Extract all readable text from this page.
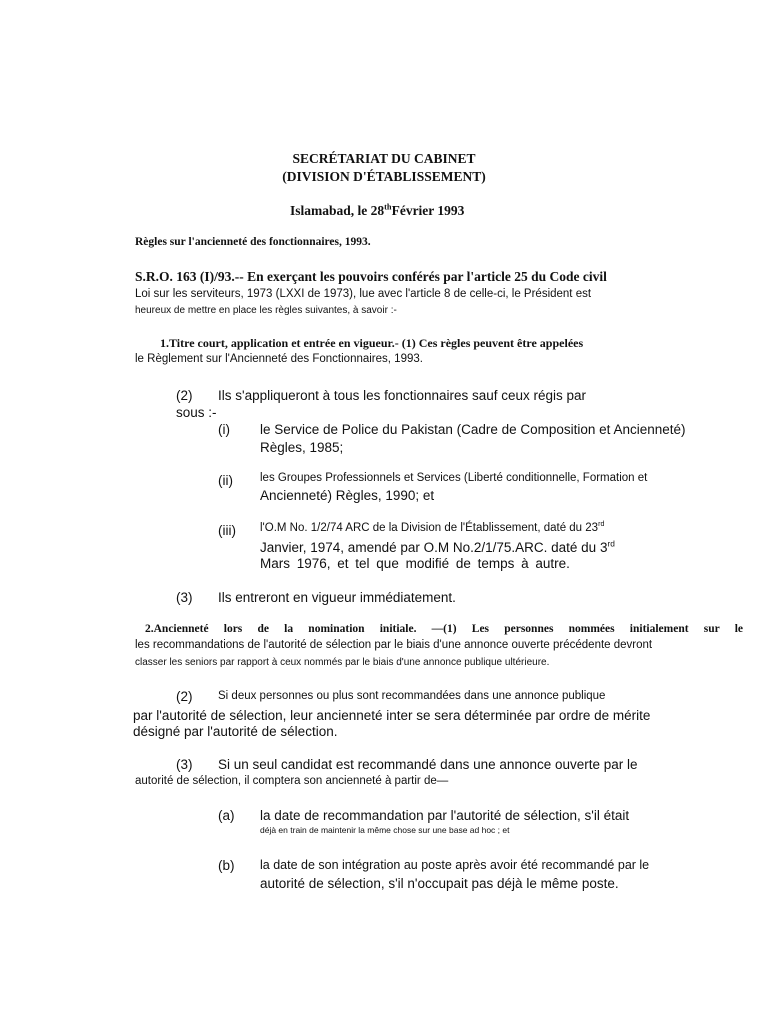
SECRÉTARIAT DU CABINET
(DIVISION D'ÉTABLISSEMENT)
Islamabad, le 28thFévrier 1993
Règles sur l'ancienneté des fonctionnaires, 1993.
S.R.O. 163 (I)/93.-- En exerçant les pouvoirs conférés par l'article 25 du Code civil
Loi sur les serviteurs, 1973 (LXXI de 1973), lue avec l'article 8 de celle-ci, le Président est
heureux de mettre en place les règles suivantes, à savoir :-
1.Titre court, application et entrée en vigueur.- (1) Ces règles peuvent être appelées
le Règlement sur l'Ancienneté des Fonctionnaires, 1993.
(2) Ils s'appliqueront à tous les fonctionnaires sauf ceux régis par
sous :-
(i) le Service de Police du Pakistan (Cadre de Composition et Ancienneté)
Règles, 1985;
(ii) les Groupes Professionnels et Services (Liberté conditionnelle, Formation et
Ancienneté) Règles, 1990; et
(iii) l'O.M No. 1/2/74 ARC de la Division de l'Établissement, daté du 23rd
Janvier, 1974, amendé par O.M No.2/1/75.ARC. daté du 3rd
Mars 1976, et tel que modifié de temps à autre.
(3) Ils entreront en vigueur immédiatement.
2.Ancienneté lors de la nomination initiale. —(1) Les personnes nommées initialement sur le
les recommandations de l'autorité de sélection par le biais d'une annonce ouverte précédente devront
classer les seniors par rapport à ceux nommés par le biais d'une annonce publique ultérieure.
(2) Si deux personnes ou plus sont recommandées dans une annonce publique
par l'autorité de sélection, leur ancienneté inter se sera déterminée par ordre de mérite
désigné par l'autorité de sélection.
(3) Si un seul candidat est recommandé dans une annonce ouverte par le
autorité de sélection, il comptera son ancienneté à partir de—
(a) la date de recommandation par l'autorité de sélection, s'il était
déjà en train de maintenir la même chose sur une base ad hoc ; et
(b) la date de son intégration au poste après avoir été recommandé par le
autorité de sélection, s'il n'occupait pas déjà le même poste.
